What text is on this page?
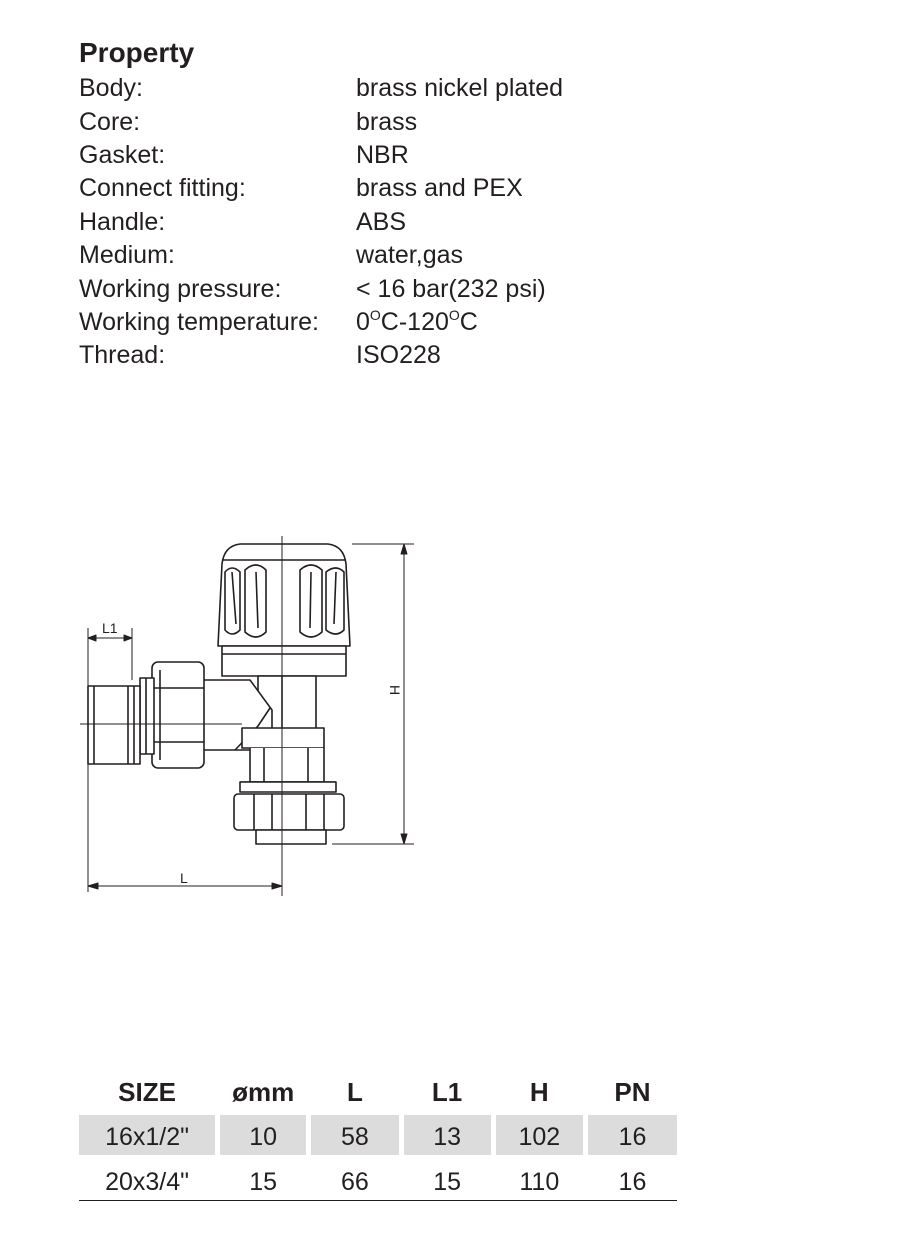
Property
Body:	brass nickel plated
Core:	brass
Gasket:	NBR
Connect fitting:	brass and PEX
Handle:	ABS
Medium:	water,gas
Working pressure:	< 16 bar(232 psi)
Working temperature:	$0^OC-120^OC$
Thread:	ISO228
L1
L
H
SIZE	ømm	L	L1	H	PN
16x1/2"	10	58	13	102	16
20x3/4"	15	66	15	110	16
